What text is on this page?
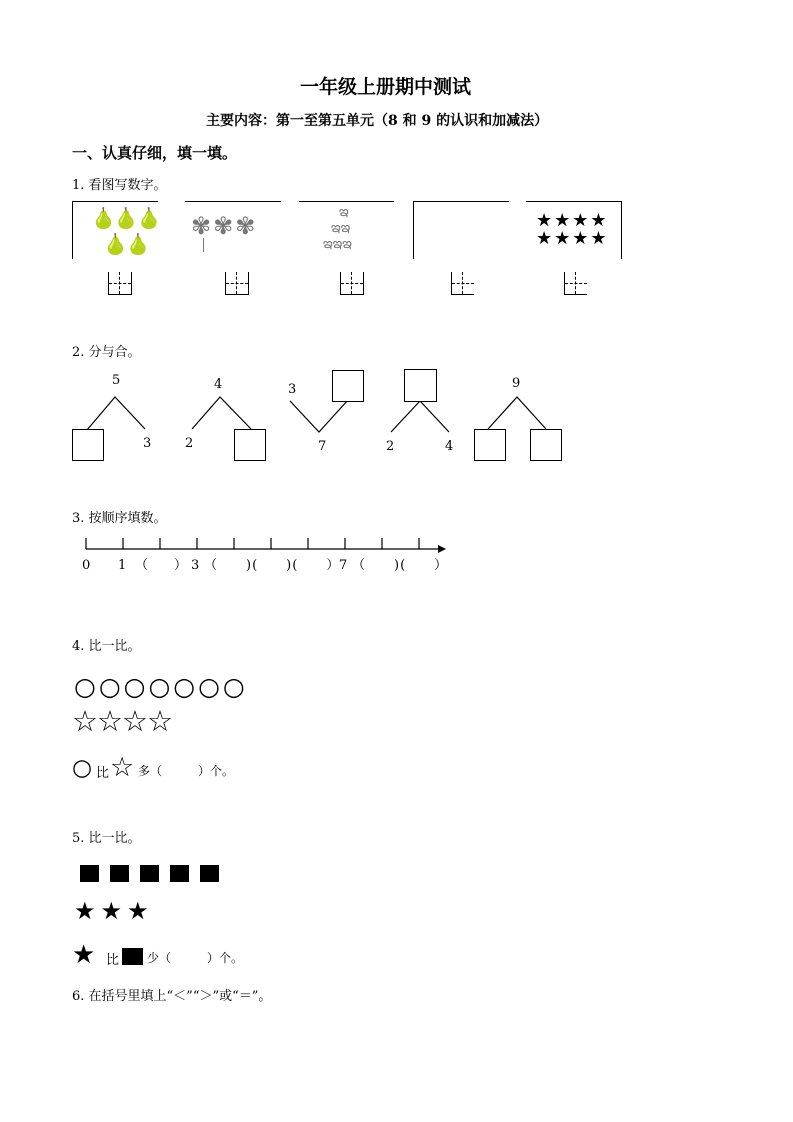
一年级上册期中测试
主要内容：第一至第五单元（8 和 9 的认识和加减法）
一、认真仔细，填一填。
1. 看图写数字。
🍐🍐🍐
🍐🍐
✾✾✾	ఇ
ఇఇ
ఇఇఇ
★★★★
★★★★
2. 分与合。
5
3
4
2
3
7	2	4
9
3. 按顺序填数。
0 1 （　　） 3 （　　)(　　)(　　）
7 （　　)(　　）
4. 比一比。
○○○○○○○
☆☆☆☆
○ 比 ☆ 多（　　　）个。
5. 比一比。
★★★
★ 比 少（　　　）个。
6. 在括号里填上“＜”“＞”或“＝”。
